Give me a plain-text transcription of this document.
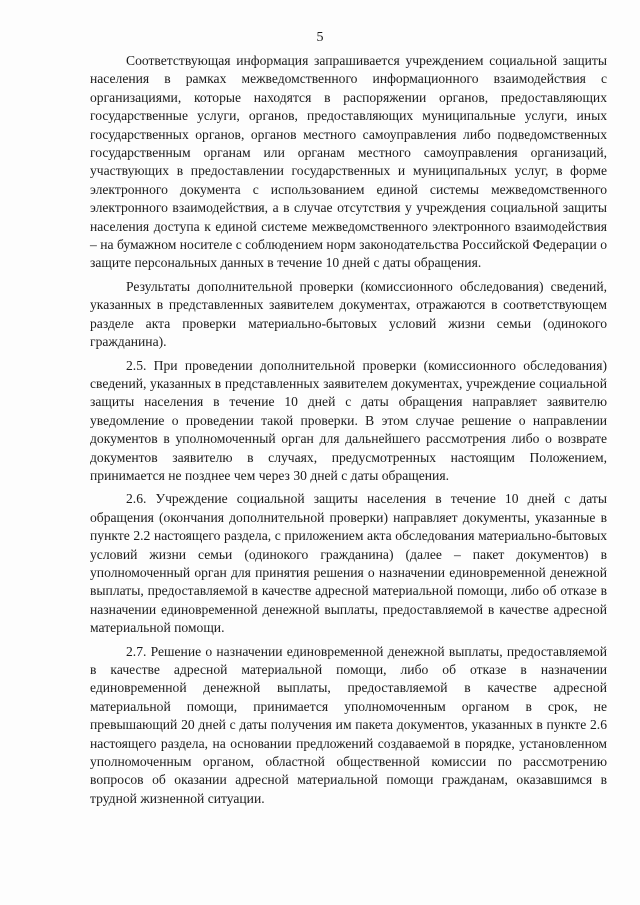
5

Соответствующая информация запрашивается учреждением социальной защиты населения в рамках межведомственного информационного взаимодействия с организациями, которые находятся в распоряжении органов, предоставляющих государственные услуги, органов, предоставляющих муниципальные услуги, иных государственных органов, органов местного самоуправления либо подведомственных государственным органам или органам местного самоуправления организаций, участвующих в предоставлении государственных и муниципальных услуг, в форме электронного документа с использованием единой системы межведомственного электронного взаимодействия, а в случае отсутствия у учреждения социальной защиты населения доступа к единой системе межведомственного электронного взаимодействия – на бумажном носителе с соблюдением норм законодательства Российской Федерации о защите персональных данных в течение 10 дней с даты обращения.

Результаты дополнительной проверки (комиссионного обследования) сведений, указанных в представленных заявителем документах, отражаются в соответствующем разделе акта проверки материально-бытовых условий жизни семьи (одинокого гражданина).

2.5. При проведении дополнительной проверки (комиссионного обследования) сведений, указанных в представленных заявителем документах, учреждение социальной защиты населения в течение 10 дней с даты обращения направляет заявителю уведомление о проведении такой проверки. В этом случае решение о направлении документов в уполномоченный орган для дальнейшего рассмотрения либо о возврате документов заявителю в случаях, предусмотренных настоящим Положением, принимается не позднее чем через 30 дней с даты обращения.

2.6. Учреждение социальной защиты населения в течение 10 дней с даты обращения (окончания дополнительной проверки) направляет документы, указанные в пункте 2.2 настоящего раздела, с приложением акта обследования материально-бытовых условий жизни семьи (одинокого гражданина) (далее – пакет документов) в уполномоченный орган для принятия решения о назначении единовременной денежной выплаты, предоставляемой в качестве адресной материальной помощи, либо об отказе в назначении единовременной денежной выплаты, предоставляемой в качестве адресной материальной помощи.

2.7. Решение о назначении единовременной денежной выплаты, предоставляемой в качестве адресной материальной помощи, либо об отказе в назначении единовременной денежной выплаты, предоставляемой в качестве адресной материальной помощи, принимается уполномоченным органом в срок, не превышающий 20 дней с даты получения им пакета документов, указанных в пункте 2.6 настоящего раздела, на основании предложений создаваемой в порядке, установленном уполномоченным органом, областной общественной комиссии по рассмотрению вопросов об оказании адресной материальной помощи гражданам, оказавшимся в трудной жизненной ситуации.
